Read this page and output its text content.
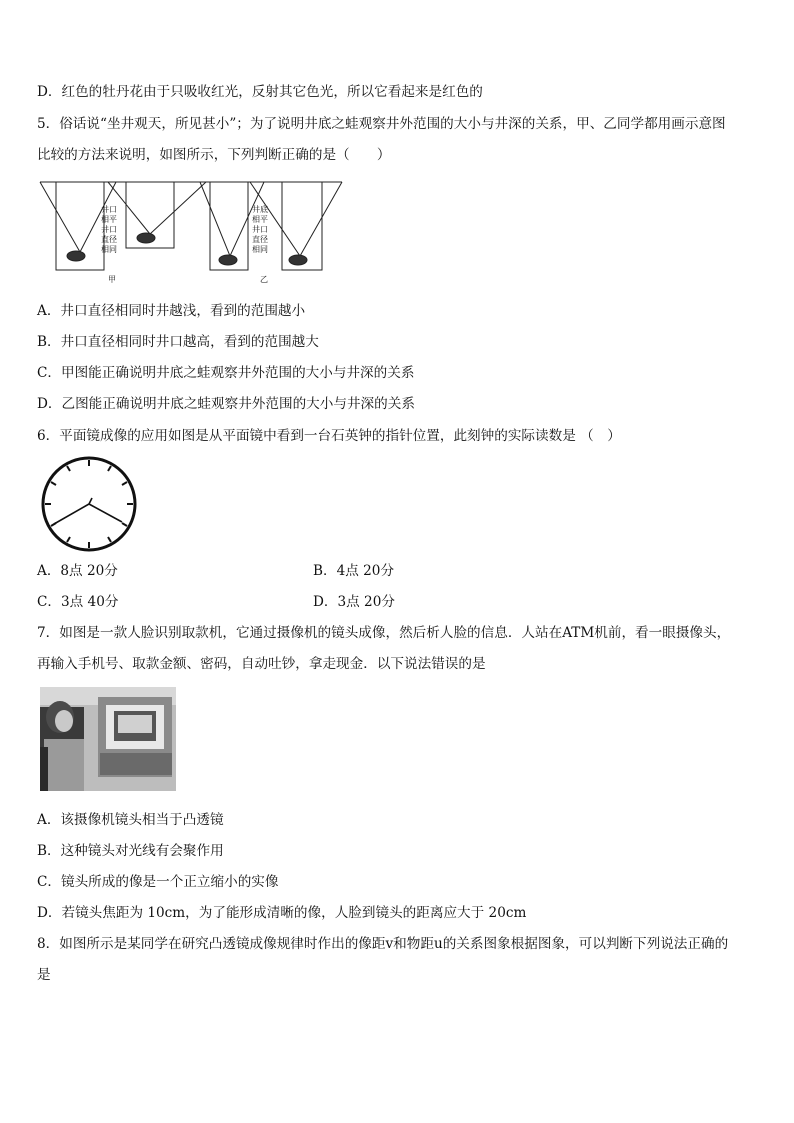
D．红色的牡丹花由于只吸收红光，反射其它色光，所以它看起来是红色的
5．俗话说“坐井观天，所见甚小”；为了说明井底之蛙观察井外范围的大小与井深的关系，甲、乙同学都用画示意图
比较的方法来说明，如图所示，下列判断正确的是（　　）
井口
相平
井口
直径
相同
甲
井底
相平
井口
直径
相同
乙
A．井口直径相同时井越浅，看到的范围越小
B．井口直径相同时井口越高，看到的范围越大
C．甲图能正确说明井底之蛙观察井外范围的大小与井深的关系
D．乙图能正确说明井底之蛙观察井外范围的大小与井深的关系
6．平面镜成像的应用如图是从平面镜中看到一台石英钟的指针位置，此刻钟的实际读数是 （　）
A．8点 20分	B．4点 20分
C．3点 40分	D．3点 20分
7．如图是一款人脸识别取款机，它通过摄像机的镜头成像，然后析人脸的信息．人站在ATM机前，看一眼摄像头，
再输入手机号、取款金额、密码，自动吐钞，拿走现金．以下说法错误的是
A．该摄像机镜头相当于凸透镜
B．这种镜头对光线有会聚作用
C．镜头所成的像是一个正立缩小的实像
D．若镜头焦距为 10cm，为了能形成清晰的像，人脸到镜头的距离应大于 20cm
8．如图所示是某同学在研究凸透镜成像规律时作出的像距v和物距u的关系图象根据图象，可以判断下列说法正确的
是
